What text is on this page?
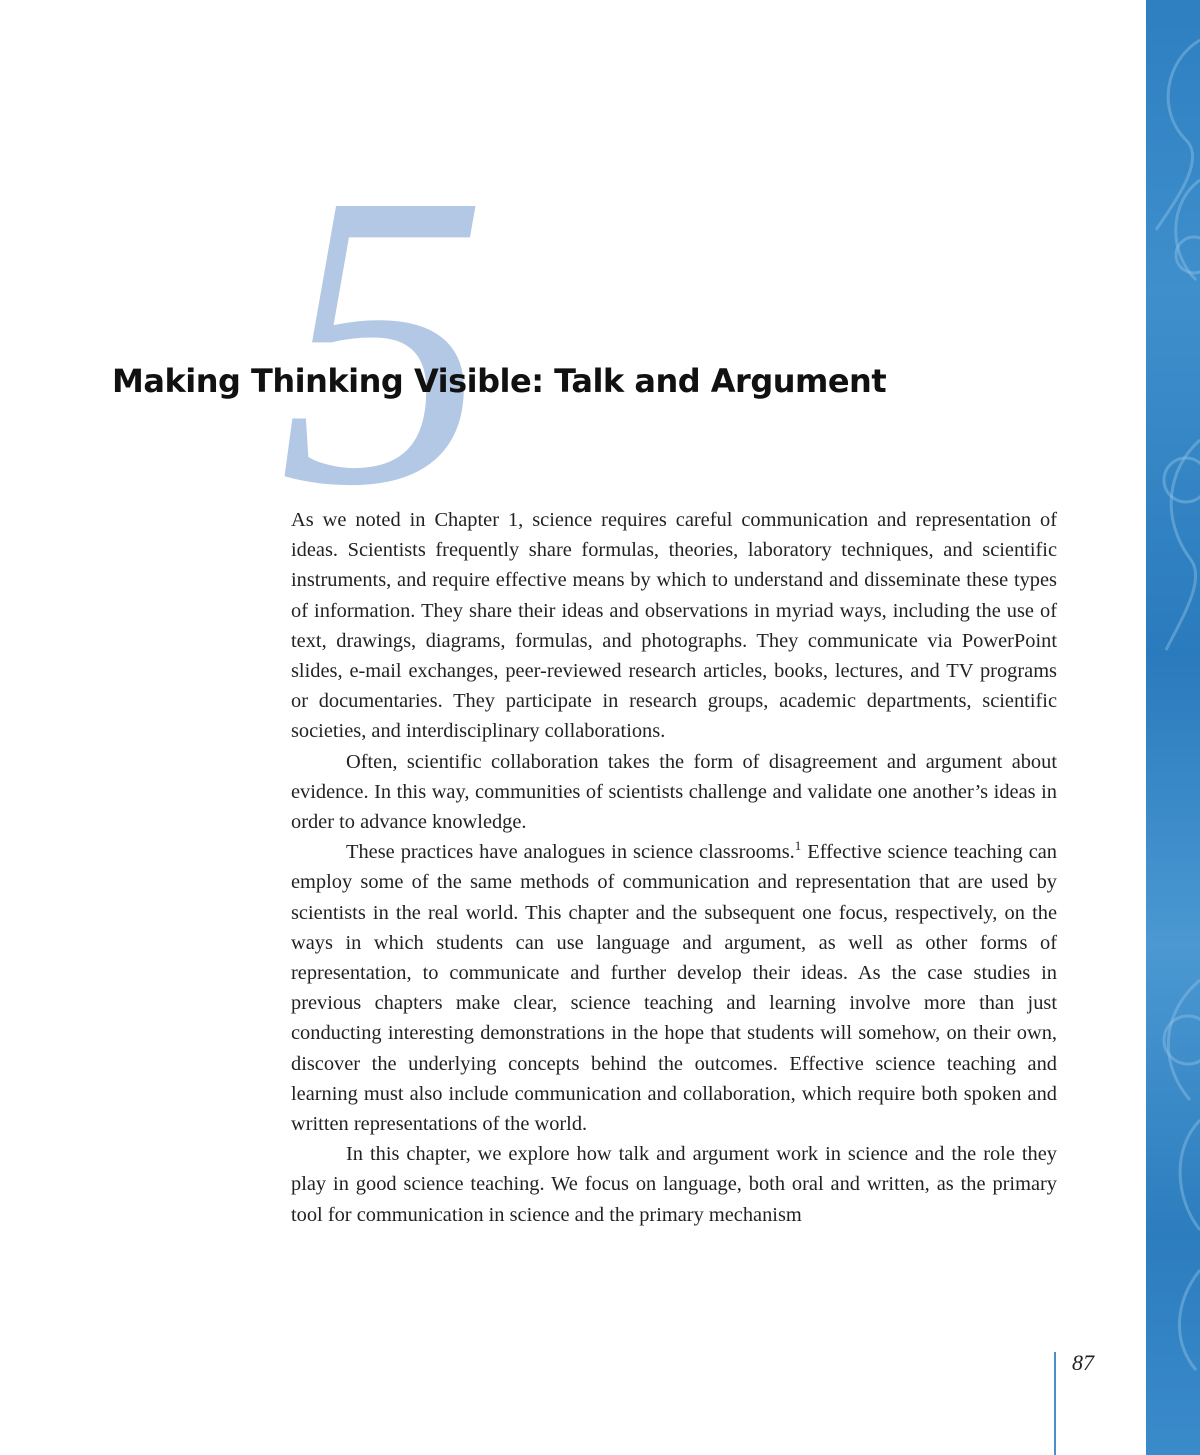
5
Making Thinking Visible: Talk and Argument

As we noted in Chapter 1, science requires careful communication and representation of ideas. Scientists frequently share formulas, theories, laboratory techniques, and scientific instruments, and require effective means by which to understand and disseminate these types of information. They share their ideas and observations in myriad ways, including the use of text, drawings, diagrams, formulas, and photographs. They communicate via PowerPoint slides, e-mail exchanges, peer-reviewed research articles, books, lectures, and TV programs or documentaries. They participate in research groups, academic departments, scientific societies, and interdisciplinary collaborations.

Often, scientific collaboration takes the form of disagreement and argument about evidence. In this way, communities of scientists challenge and validate one another’s ideas in order to advance knowledge.

These practices have analogues in science classrooms.$^1$ Effective science teaching can employ some of the same methods of communication and representation that are used by scientists in the real world. This chapter and the subsequent one focus, respectively, on the ways in which students can use language and argument, as well as other forms of representation, to communicate and further develop their ideas. As the case studies in previous chapters make clear, science teaching and learning involve more than just conducting interesting demonstrations in the hope that students will somehow, on their own, discover the underlying concepts behind the outcomes. Effective science teaching and learning must also include communication and collaboration, which require both spoken and written representations of the world.

In this chapter, we explore how talk and argument work in science and the role they play in good science teaching. We focus on language, both oral and written, as the primary tool for communication in science and the primary mechanism

87
